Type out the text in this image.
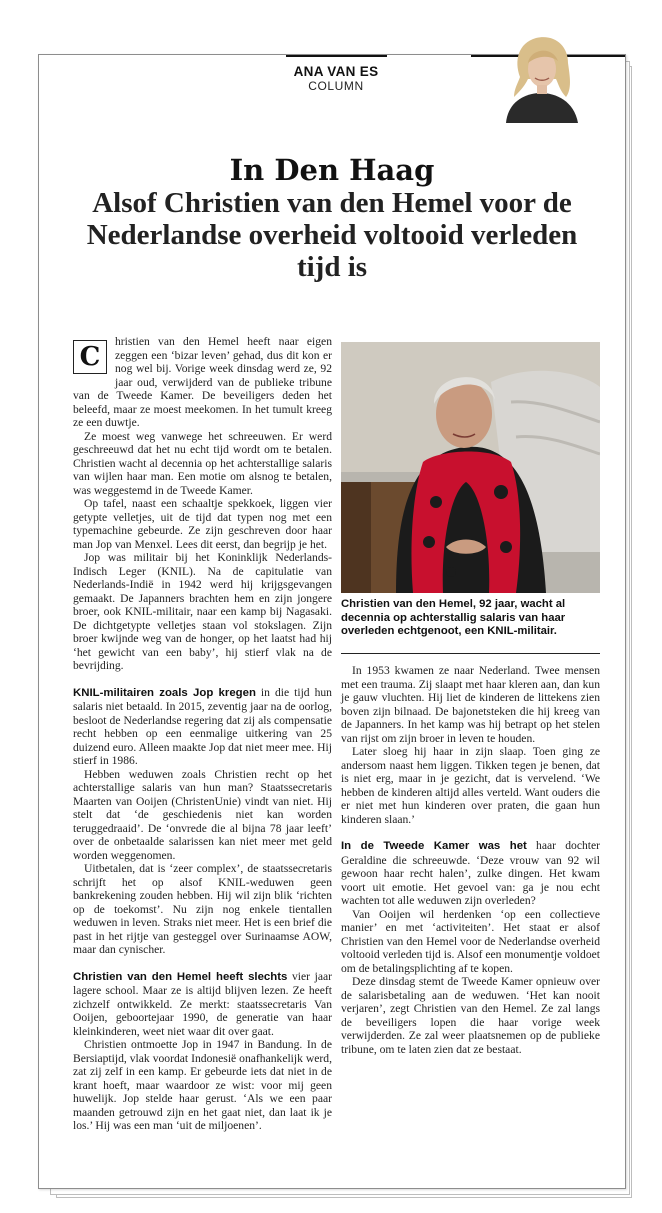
ANA VAN ES
COLUMN
In Den Haag
Alsof Christien van den Hemel voor de Nederlandse overheid voltooid verleden tijd is

C
hristien van den Hemel heeft naar eigen zeggen een ‘bizar leven’ gehad, dus dit kon er nog wel bij. Vorige week dinsdag werd ze, 92 jaar oud, verwijderd van de publieke tribune van de Tweede Kamer. De beveiligers deden het beleefd, maar ze moest meekomen. In het tumult kreeg ze een duwtje.

Ze moest weg vanwege het schreeuwen. Er werd geschreeuwd dat het nu echt tijd wordt om te betalen. Christien wacht al decennia op het achterstallige salaris van wijlen haar man. Een motie om alsnog te betalen, was weggestemd in de Tweede Kamer.

Op tafel, naast een schaaltje spekkoek, liggen vier getypte velletjes, uit de tijd dat typen nog met een typemachine gebeurde. Ze zijn geschreven door haar man Jop van Menxel. Lees dit eerst, dan begrijp je het.

Jop was militair bij het Koninklijk Nederlands-Indisch Leger (KNIL). Na de capitulatie van Nederlands-Indië in 1942 werd hij krijgsgevangen gemaakt. De Japanners brachten hem en zijn jongere broer, ook KNIL-militair, naar een kamp bij Nagasaki. De dichtgetypte velletjes staan vol stokslagen. Zijn broer kwijnde weg van de honger, op het laatst had hij ‘het gewicht van een baby’, hij stierf vlak na de bevrijding.

KNIL-militairen zoals Jop kregen in die tijd hun salaris niet betaald. In 2015, zeventig jaar na de oorlog, besloot de Nederlandse regering dat zij als compensatie recht hebben op een eenmalige uitkering van 25 duizend euro. Alleen maakte Jop dat niet meer mee. Hij stierf in 1986.

Hebben weduwen zoals Christien recht op het achterstallige salaris van hun man? Staatssecretaris Maarten van Ooijen (ChristenUnie) vindt van niet. Hij stelt dat ‘de geschiedenis niet kan worden teruggedraaid’. De ‘onvrede die al bijna 78 jaar leeft’ over de onbetaalde salarissen kan niet meer met geld worden weggenomen.

Uitbetalen, dat is ‘zeer complex’, de staatssecretaris schrijft het op alsof KNIL-weduwen geen bankrekening zouden hebben. Hij wil zijn blik ‘richten op de toekomst’. Nu zijn nog enkele tientallen weduwen in leven. Straks niet meer. Het is een brief die past in het rijtje van gesteggel over Surinaamse AOW, maar dan cynischer.

Christien van den Hemel heeft slechts vier jaar lagere school. Maar ze is altijd blijven lezen. Ze heeft zichzelf ontwikkeld. Ze merkt: staatssecretaris Van Ooijen, geboortejaar 1990, de generatie van haar kleinkinderen, weet niet waar dit over gaat.

Christien ontmoette Jop in 1947 in Bandung. In de Bersiaptijd, vlak voordat Indonesië onafhankelijk werd, zat zij zelf in een kamp. Er gebeurde iets dat niet in de krant hoeft, maar waardoor ze wist: voor mij geen huwelijk. Jop stelde haar gerust. ‘Als we een paar maanden getrouwd zijn en het gaat niet, dan laat ik je los.’ Hij was een man ‘uit de miljoenen’.

Christien van den Hemel, 92 jaar, wacht al decennia op achterstallig salaris van haar overleden echtgenoot, een KNIL-militair.

In 1953 kwamen ze naar Nederland. Twee mensen met een trauma. Zij slaapt met haar kleren aan, dan kun je gauw vluchten. Hij liet de kinderen de littekens zien boven zijn bilnaad. De bajonetsteken die hij kreeg van de Japanners. In het kamp was hij betrapt op het stelen van rijst om zijn broer in leven te houden.

Later sloeg hij haar in zijn slaap. Toen ging ze andersom naast hem liggen. Tikken tegen je benen, dat is niet erg, maar in je gezicht, dat is vervelend. ‘We hebben de kinderen altijd alles verteld. Want ouders die er niet met hun kinderen over praten, die gaan hun kinderen slaan.’

In de Tweede Kamer was het haar dochter Geraldine die schreeuwde. ‘Deze vrouw van 92 wil gewoon haar recht halen’, zulke dingen. Het kwam voort uit emotie. Het gevoel van: ga je nou echt wachten tot alle weduwen zijn overleden?

Van Ooijen wil herdenken ‘op een collectieve manier’ en met ‘activiteiten’. Het staat er alsof Christien van den Hemel voor de Nederlandse overheid voltooid verleden tijd is. Alsof een monumentje voldoet om de betalingsplichting af te kopen.

Deze dinsdag stemt de Tweede Kamer opnieuw over de salarisbetaling aan de weduwen. ‘Het kan nooit verjaren’, zegt Christien van den Hemel. Ze zal langs de beveiligers lopen die haar vorige week verwijderden. Ze zal weer plaatsnemen op de publieke tribune, om te laten zien dat ze bestaat.
